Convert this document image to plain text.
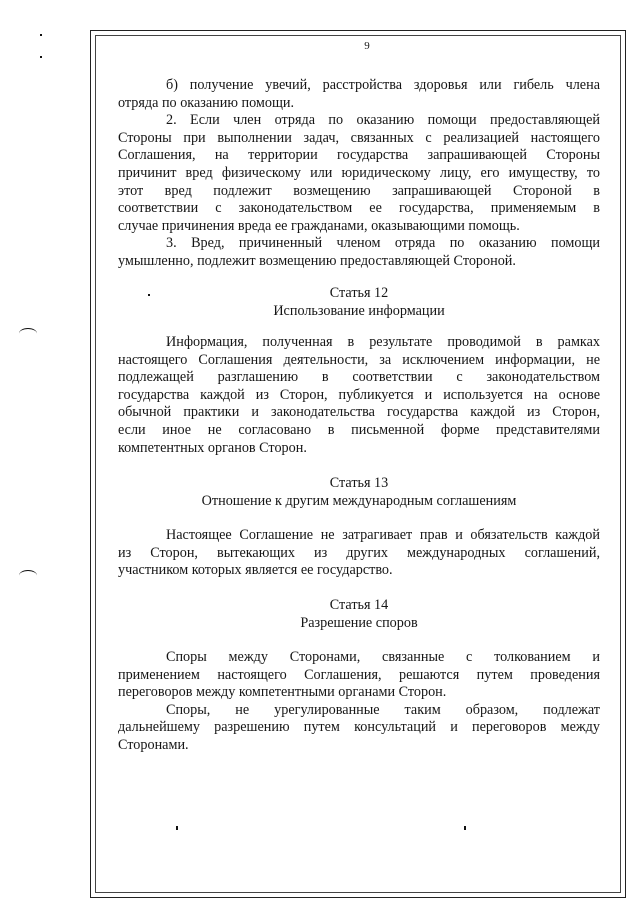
9
б) получение увечий, расстройства здоровья или гибель члена
отряда по оказанию помощи.
2. Если член отряда по оказанию помощи предоставляющей
Стороны при выполнении задач, связанных с реализацией настоящего
Соглашения, на территории государства запрашивающей Стороны
причинит вред физическому или юридическому лицу, его имуществу, то
этот вред подлежит возмещению запрашивающей Стороной в
соответствии с законодательством ее государства, применяемым в
случае причинения вреда ее гражданами, оказывающими помощь.
3. Вред, причиненный членом отряда по оказанию помощи
умышленно, подлежит возмещению предоставляющей Стороной.
Статья 12
Использование информации
Информация, полученная в результате проводимой в рамках
настоящего Соглашения деятельности, за исключением информации, не
подлежащей разглашению в соответствии с законодательством
государства каждой из Сторон, публикуется и используется на основе
обычной практики и законодательства государства каждой из Сторон,
если иное не согласовано в письменной форме представителями
компетентных органов Сторон.
Статья 13
Отношение к другим международным соглашениям
Настоящее Соглашение не затрагивает прав и обязательств каждой
из Сторон, вытекающих из других международных соглашений,
участником которых является ее государство.
Статья 14
Разрешение споров
Споры между Сторонами, связанные с толкованием и
применением настоящего Соглашения, решаются путем проведения
переговоров между компетентными органами Сторон.
Споры, не урегулированные таким образом, подлежат
дальнейшему разрешению путем консультаций и переговоров между
Сторонами.
